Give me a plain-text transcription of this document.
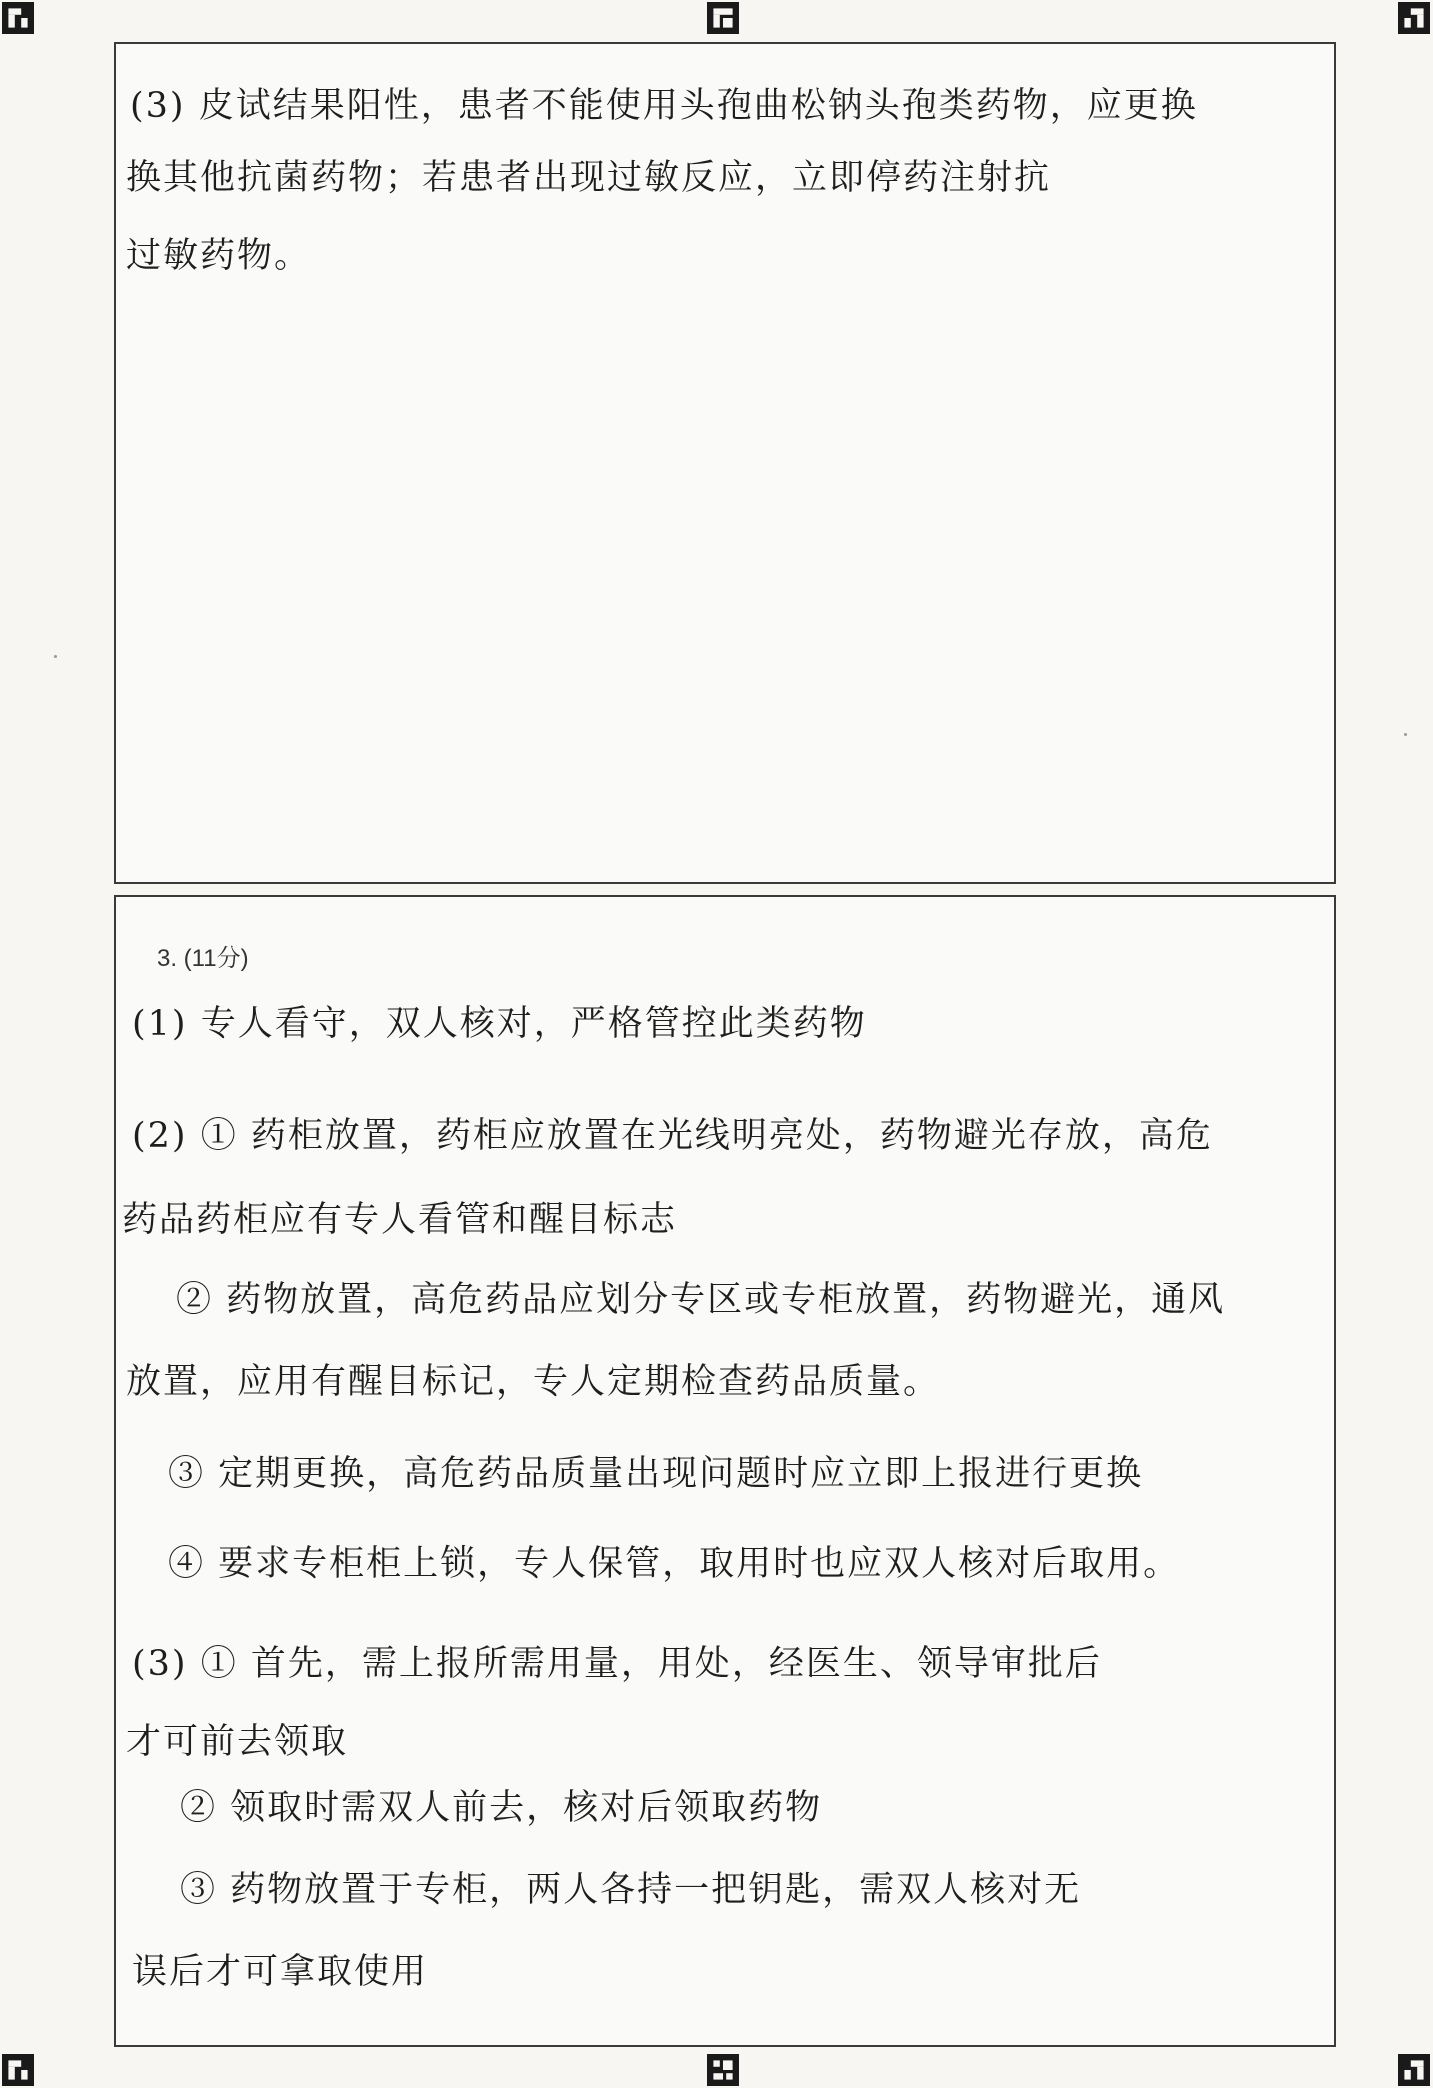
(3) 皮试结果阳性，患者不能使用头孢曲松钠头孢类药物，应更换
换其他抗菌药物；若患者出现过敏反应，立即停药注射抗
过敏药物。
3. (11分)
(1) 专人看守，双人核对，严格管控此类药物
(2) ① 药柜放置，药柜应放置在光线明亮处，药物避光存放，高危
药品药柜应有专人看管和醒目标志
② 药物放置，高危药品应划分专区或专柜放置，药物避光，通风
放置，应用有醒目标记，专人定期检查药品质量。
③ 定期更换，高危药品质量出现问题时应立即上报进行更换
④ 要求专柜柜上锁，专人保管，取用时也应双人核对后取用。
(3) ① 首先，需上报所需用量，用处，经医生、领导审批后
才可前去领取
② 领取时需双人前去，核对后领取药物
③ 药物放置于专柜，两人各持一把钥匙，需双人核对无
误后才可拿取使用
